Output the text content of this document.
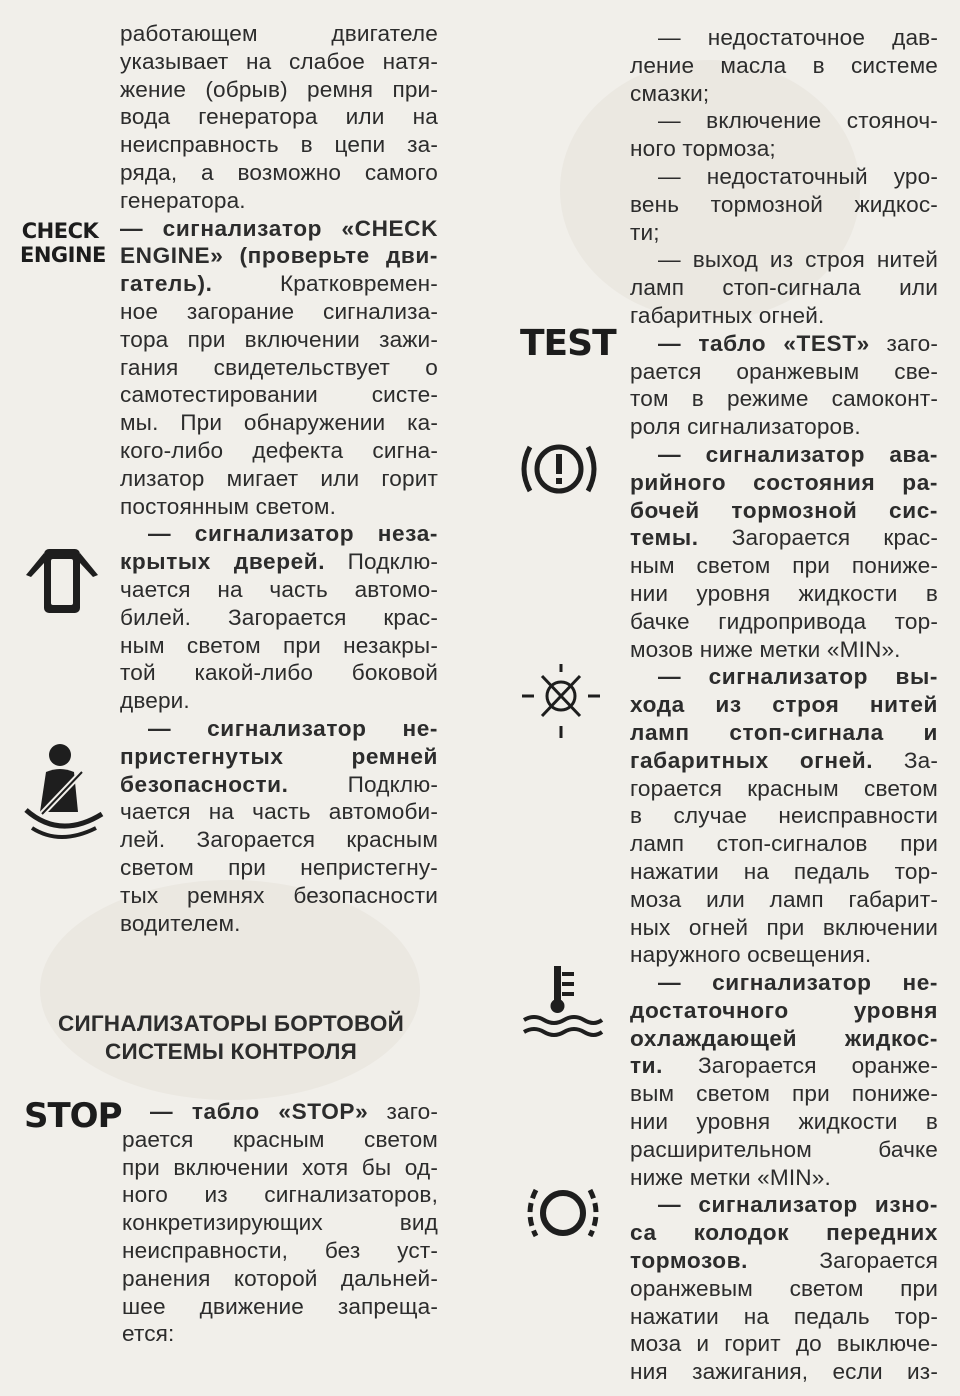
работающем двигателе
указывает на слабое натя-
жение (обрыв) ремня при-
вода генератора или на
неисправность в цепи за-
ряда, а возможно самого
генератора.
— сигнализатор «CHECK
ENGINE» (проверьте дви-
гатель).	Кратковремен-
ное загорание сигнализа-
тора при включении зажи-
гания свидетельствует о
самотестировании систе-
мы. При обнаружении ка-
кого-либо дефекта сигна-
лизатор мигает или горит
постоянным светом.
— сигнализатор неза-
крытых дверей. Подклю-
чается на часть автомо-
билей. Загорается крас-
ным светом при незакры-
той какой-либо боковой
двери.
— сигнализатор не-
пристегнутых ремней
безопасности.	Подклю-
чается на часть автомоби-
лей. Загорается красным
светом при непристегну-
тых ремнях безопасности
водителем.
СИГНАЛИЗАТОРЫ БОРТОВОЙ
СИСТЕМЫ КОНТРОЛЯ
— табло «STOP» заго-
рается красным светом
при включении хотя бы од-
ного из сигнализаторов,
конкретизирующих вид
неисправности, без уст-
ранения которой дальней-
шее движение запреща-
ется:
— недостаточное дав-
ление масла в системе
смазки;
— включение стояноч-
ного тормоза;
— недостаточный уро-
вень тормозной жидкос-
ти;
— выход из строя нитей
ламп стоп-сигнала или
габаритных огней.
— табло «TEST» заго-
рается оранжевым све-
том в режиме самоконт-
роля сигнализаторов.
— сигнализатор ава-
рийного состояния ра-
бочей тормозной сис-
темы. Загорается крас-
ным светом при пониже-
нии уровня жидкости в
бачке гидропривода тор-
мозов ниже метки «MIN».
— сигнализатор вы-
хода из строя нитей
ламп стоп-сигнала и
габаритных огней. За-
горается красным светом
в случае неисправности
ламп стоп-сигналов при
нажатии на педаль тор-
моза или ламп габарит-
ных огней при включении
наружного освещения.
— сигнализатор не-
достаточного уровня
охлаждающей жидкос-
ти. Загорается оранже-
вым светом при пониже-
нии уровня жидкости в
расширительном бачке
ниже метки «MIN».
— сигнализатор изно-
са колодок передних
тормозов.	Загорается
оранжевым светом при
нажатии на педаль тор-
моза и горит до выключе-
ния зажигания, если из-
CHECK
ENGINE
STOP
TEST
